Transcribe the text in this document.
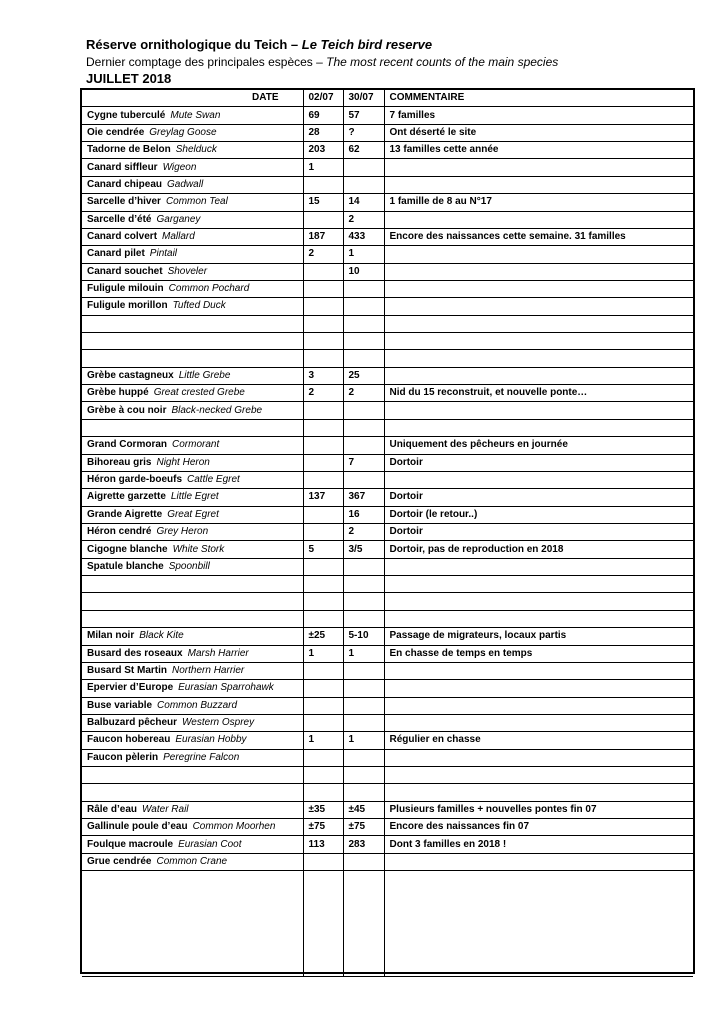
Réserve ornithologique du Teich – Le Teich bird reserve
Dernier comptage des principales espèces – The most recent counts of the main species
JUILLET 2018
DATE	02/07	30/07	COMMENTAIRE
Cygne tuberculé Mute Swan	69	57	7 familles
Oie cendrée Greylag Goose	28	?	Ont déserté le site
Tadorne de Belon Shelduck	203	62	13 familles cette année
Canard siffleur Wigeon	1		
Canard chipeau Gadwall			
Sarcelle d’hiver Common Teal	15	14	1 famille de 8 au N°17
Sarcelle d’été Garganey		2	
Canard colvert Mallard	187	433	Encore des naissances cette semaine. 31 familles
Canard pilet Pintail	2	1	
Canard souchet Shoveler		10	
Fuligule milouin Common Pochard			
Fuligule morillon Tufted Duck			

Grèbe castagneux Little Grebe	3	25	
Grèbe huppé Great crested Grebe	2	2	Nid du 15 reconstruit, et nouvelle ponte…
Grèbe à cou noir Black-necked Grebe			

Grand Cormoran Cormorant			Uniquement des pêcheurs en journée
Bihoreau gris Night Heron		7	Dortoir
Héron garde-boeufs Cattle Egret			
Aigrette garzette Little Egret	137	367	Dortoir
Grande Aigrette Great Egret		16	Dortoir (le retour..)
Héron cendré Grey Heron		2	Dortoir
Cigogne blanche White Stork	5	3/5	Dortoir, pas de reproduction en 2018
Spatule blanche Spoonbill			

Milan noir Black Kite	±25	5-10	Passage de migrateurs, locaux partis
Busard des roseaux Marsh Harrier	1	1	En chasse de temps en temps
Busard St Martin Northern Harrier			
Epervier d’Europe Eurasian Sparrohawk			
Buse variable Common Buzzard			
Balbuzard pêcheur Western Osprey			
Faucon hobereau Eurasian Hobby	1	1	Régulier en chasse
Faucon pèlerin Peregrine Falcon			

Râle d’eau Water Rail	±35	±45	Plusieurs familles + nouvelles pontes fin 07
Gallinule poule d’eau Common Moorhen	±75	±75	Encore des naissances fin 07
Foulque macroule Eurasian Coot	113	283	Dont 3 familles en 2018 !
Grue cendrée Common Crane			
